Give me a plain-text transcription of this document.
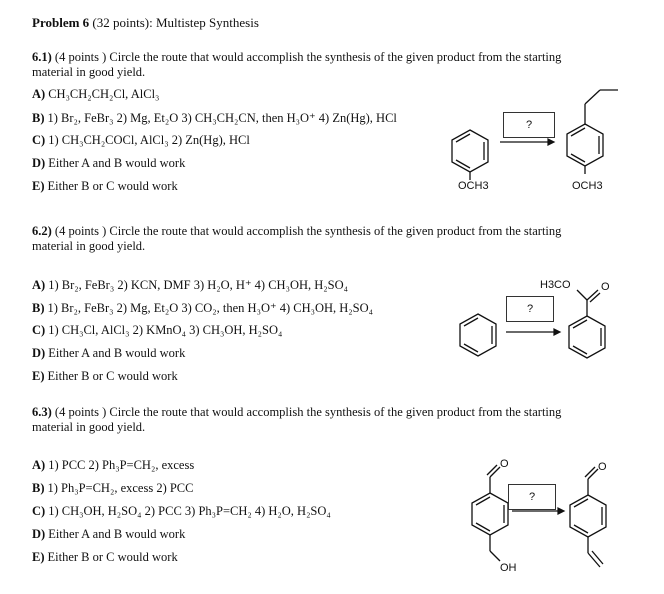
Problem 6 (32 points): Multistep Synthesis
6.1) (4 points ) Circle the route that would accomplish the synthesis of the given product from the starting material in good yield.
A) CH₃CH₂CH₂Cl, AlCl₃
B) 1) Br₂, FeBr₃ 2) Mg, Et₂O 3) CH₃CH₂CN, then H₃O⁺ 4) Zn(Hg), HCl
C) 1) CH₃CH₂COCl, AlCl₃ 2) Zn(Hg), HCl
D) Either A and B would work
E) Either B or C would work
?
OCH3	OCH3
6.2) (4 points ) Circle the route that would accomplish the synthesis of the given product from the starting material in good yield.
A) 1) Br₂, FeBr₃ 2) KCN, DMF 3) H₂O, H⁺ 4) CH₃OH, H₂SO₄
B) 1) Br₂, FeBr₃ 2) Mg, Et₂O 3) CO₂, then H₃O⁺ 4) CH₃OH, H₂SO₄
C) 1) CH₃Cl, AlCl₃ 2) KMnO₄ 3) CH₃OH, H₂SO₄
D) Either A and B would work
E) Either B or C would work
?
H3CO	O
6.3) (4 points ) Circle the route that would accomplish the synthesis of the given product from the starting material in good yield.
A) 1) PCC 2) Ph₃P=CH₂, excess
B) 1) Ph₃P=CH₂, excess 2) PCC
C) 1) CH₃OH, H₂SO₄ 2) PCC 3) Ph₃P=CH₂ 4) H₂O, H₂SO₄
D) Either A and B would work
E) Either B or C would work
?
O
OH
O
